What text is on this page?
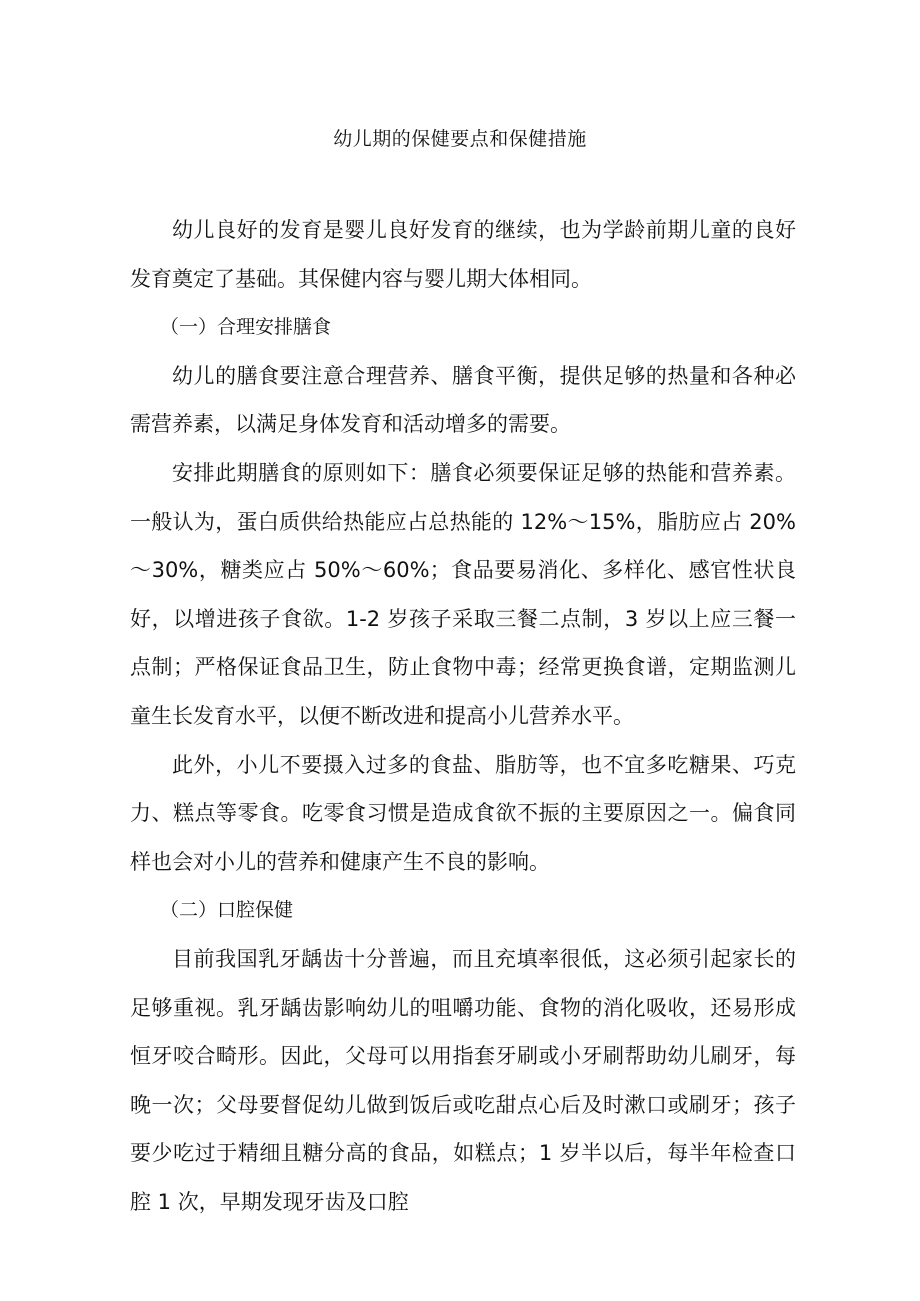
幼儿期的保健要点和保健措施

幼儿良好的发育是婴儿良好发育的继续，也为学龄前期儿童的良好发育奠定了基础。其保健内容与婴儿期大体相同。

（一）合理安排膳食

幼儿的膳食要注意合理营养、膳食平衡，提供足够的热量和各种必需营养素，以满足身体发育和活动增多的需要。

安排此期膳食的原则如下：膳食必须要保证足够的热能和营养素。一般认为，蛋白质供给热能应占总热能的 12%～15%，脂肪应占 20%～30%，糖类应占 50%～60%；食品要易消化、多样化、感官性状良好，以增进孩子食欲。1-2 岁孩子采取三餐二点制，3 岁以上应三餐一点制；严格保证食品卫生，防止食物中毒；经常更换食谱，定期监测儿童生长发育水平，以便不断改进和提高小儿营养水平。

此外，小儿不要摄入过多的食盐、脂肪等，也不宜多吃糖果、巧克力、糕点等零食。吃零食习惯是造成食欲不振的主要原因之一。偏食同样也会对小儿的营养和健康产生不良的影响。

（二）口腔保健

目前我国乳牙龋齿十分普遍，而且充填率很低，这必须引起家长的足够重视。乳牙龋齿影响幼儿的咀嚼功能、食物的消化吸收，还易形成恒牙咬合畸形。因此，父母可以用指套牙刷或小牙刷帮助幼儿刷牙，每晚一次；父母要督促幼儿做到饭后或吃甜点心后及时漱口或刷牙；孩子要少吃过于精细且糖分高的食品，如糕点；1 岁半以后，每半年检查口腔 1 次，早期发现牙齿及口腔
